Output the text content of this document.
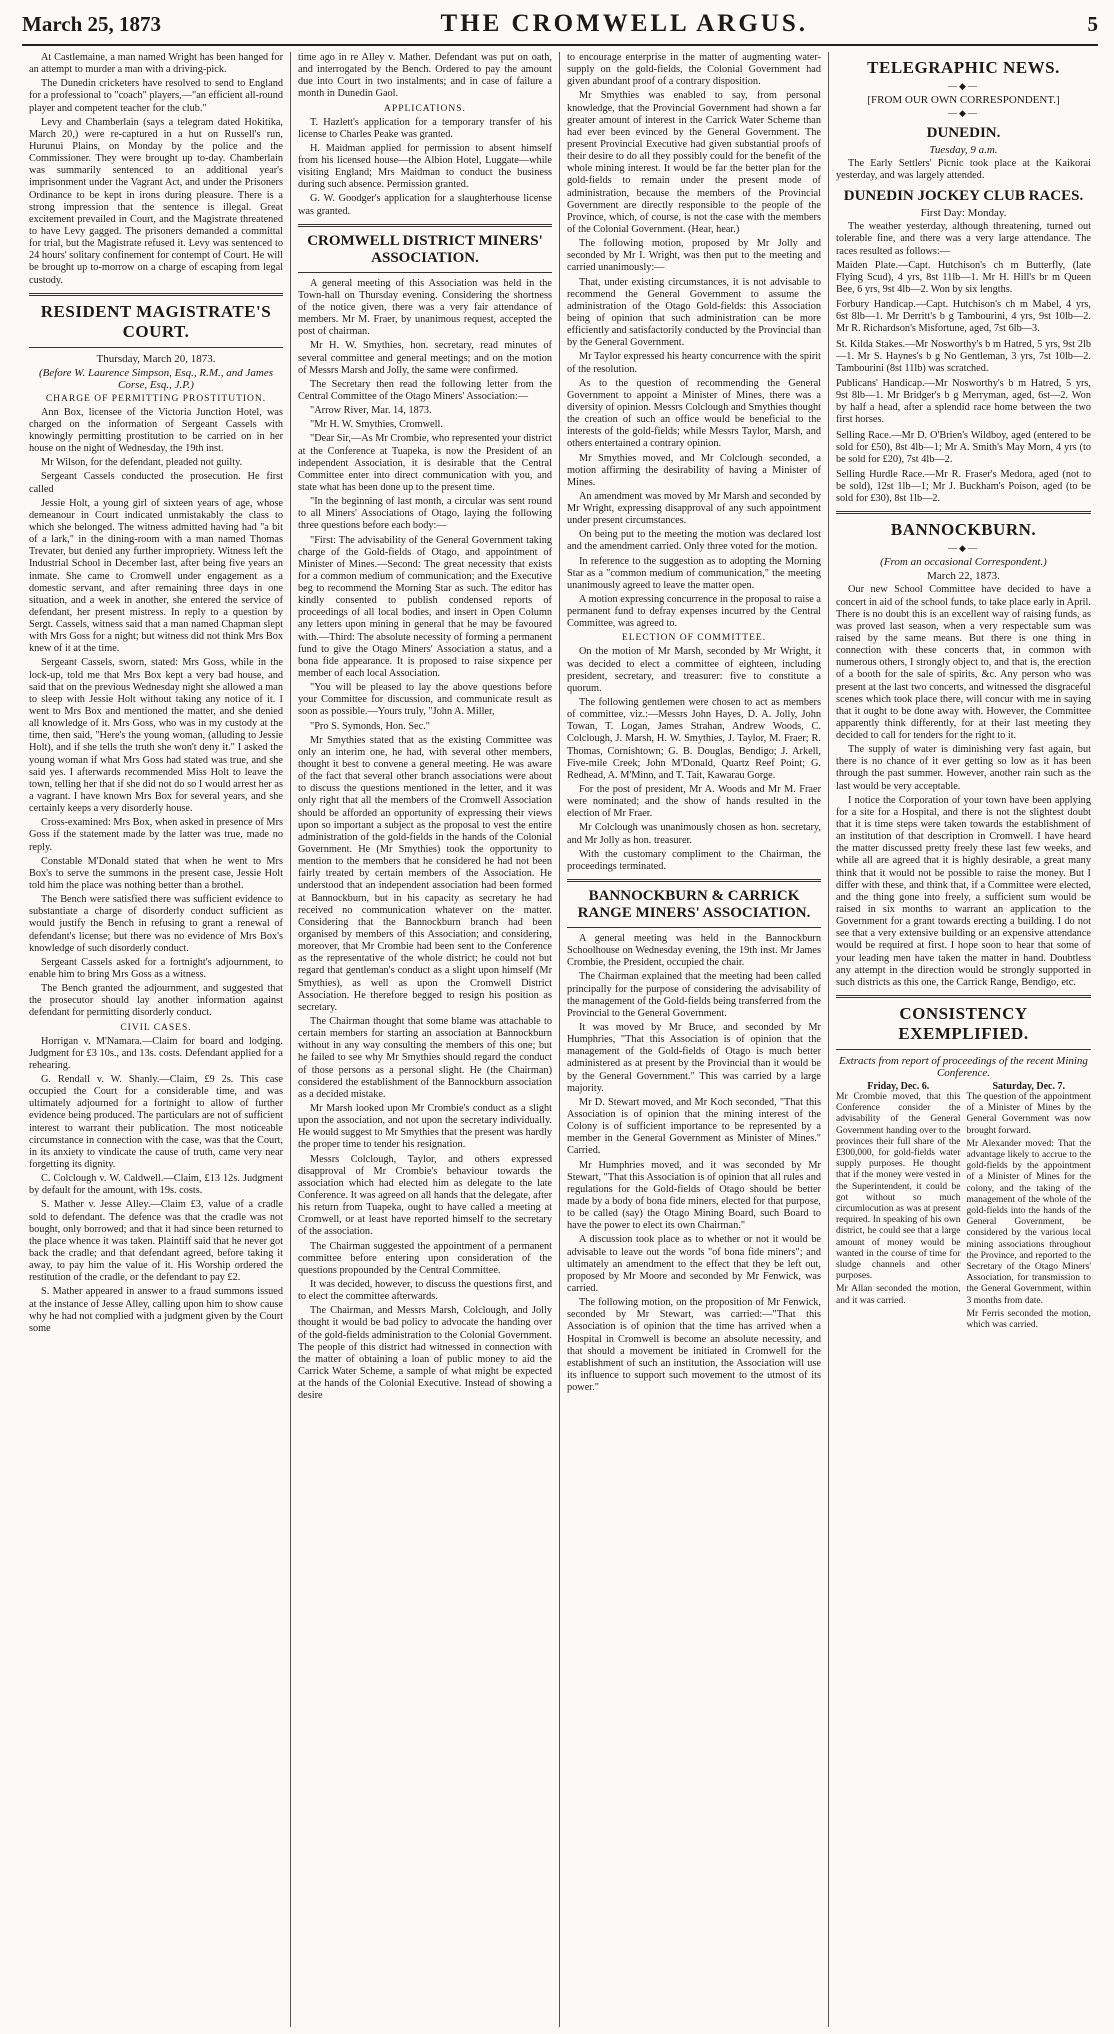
March 25, 1873	THE CROMWELL ARGUS.	5

At Castlemaine, a man named Wright has been hanged for an attempt to murder a man with a driving-pick.

The Dunedin cricketers have resolved to send to England for a professional to "coach" players,—"an efficient all-round player and competent teacher for the club."

Levy and Chamberlain (says a telegram dated Hokitika, March 20,) were re-captured in a hut on Russell's run, Hurunui Plains, on Monday by the police and the Commissioner. They were brought up to-day. Chamberlain was summarily sentenced to an additional year's imprisonment under the Vagrant Act, and under the Prisoners Ordinance to be kept in irons during pleasure. There is a strong impression that the sentence is illegal. Great excitement prevailed in Court, and the Magistrate threatened to have Levy gagged. The prisoners demanded a committal for trial, but the Magistrate refused it. Levy was sentenced to 24 hours' solitary confinement for contempt of Court. He will be brought up to-morrow on a charge of escaping from legal custody.

RESIDENT MAGISTRATE'S COURT.
Thursday, March 20, 1873.
(Before W. Laurence Simpson, Esq., R.M., and James Corse, Esq., J.P.)
CHARGE OF PERMITTING PROSTITUTION.

Ann Box, licensee of the Victoria Junction Hotel, was charged on the information of Sergeant Cassels with knowingly permitting prostitution to be carried on in her house on the night of Wednesday, the 19th inst.

Mr Wilson, for the defendant, pleaded not guilty.

Sergeant Cassels conducted the prosecution. He first called

Jessie Holt, a young girl of sixteen years of age, whose demeanour in Court indicated unmistakably the class to which she belonged. The witness admitted having had "a bit of a lark," in the dining-room with a man named Thomas Trevater, but denied any further impropriety. Witness left the Industrial School in December last, after being five years an inmate. She came to Cromwell under engagement as a domestic servant, and after remaining three days in one situation, and a week in another, she entered the service of defendant, her present mistress. In reply to a question by Sergt. Cassels, witness said that a man named Chapman slept with Mrs Goss for a night; but witness did not think Mrs Box knew of it at the time.

Sergeant Cassels, sworn, stated: Mrs Goss, while in the lock-up, told me that Mrs Box kept a very bad house, and said that on the previous Wednesday night she allowed a man to sleep with Jessie Holt without taking any notice of it. I went to Mrs Box and mentioned the matter, and she denied all knowledge of it. Mrs Goss, who was in my custody at the time, then said, "Here's the young woman, (alluding to Jessie Holt), and if she tells the truth she won't deny it." I asked the young woman if what Mrs Goss had stated was true, and she said yes. I afterwards recommended Miss Holt to leave the town, telling her that if she did not do so I would arrest her as a vagrant. I have known Mrs Box for several years, and she certainly keeps a very disorderly house.

Cross-examined: Mrs Box, when asked in presence of Mrs Goss if the statement made by the latter was true, made no reply.

Constable M'Donald stated that when he went to Mrs Box's to serve the summons in the present case, Jessie Holt told him the place was nothing better than a brothel.

The Bench were satisfied there was sufficient evidence to substantiate a charge of disorderly conduct sufficient as would justify the Bench in refusing to grant a renewal of defendant's license; but there was no evidence of Mrs Box's knowledge of such disorderly conduct.

Sergeant Cassels asked for a fortnight's adjournment, to enable him to bring Mrs Goss as a witness.

The Bench granted the adjournment, and suggested that the prosecutor should lay another information against defendant for permitting disorderly conduct.

CIVIL CASES.

Horrigan v. M'Namara.—Claim for board and lodging. Judgment for £3 10s., and 13s. costs. Defendant applied for a rehearing.

G. Rendall v. W. Shanly.—Claim, £9 2s. This case occupied the Court for a considerable time, and was ultimately adjourned for a fortnight to allow of further evidence being produced. The particulars are not of sufficient interest to warrant their publication. The most noticeable circumstance in connection with the case, was that the Court, in its anxiety to vindicate the cause of truth, came very near forgetting its dignity.

C. Colclough v. W. Caldwell.—Claim, £13 12s. Judgment by default for the amount, with 19s. costs.

S. Mather v. Jesse Alley.—Claim £3, value of a cradle sold to defendant. The defence was that the cradle was not bought, only borrowed; and that it had since been returned to the place whence it was taken. Plaintiff said that he never got back the cradle; and that defendant agreed, before taking it away, to pay him the value of it. His Worship ordered the restitution of the cradle, or the defendant to pay £2.

S. Mather appeared in answer to a fraud summons issued at the instance of Jesse Alley, calling upon him to show cause why he had not complied with a judgment given by the Court some

time ago in re Alley v. Mather. Defendant was put on oath, and interrogated by the Bench. Ordered to pay the amount due into Court in two instalments; and in case of failure a month in Dunedin Gaol.

APPLICATIONS.

T. Hazlett's application for a temporary transfer of his license to Charles Peake was granted.

H. Maidman applied for permission to absent himself from his licensed house—the Albion Hotel, Luggate—while visiting England; Mrs Maidman to conduct the business during such absence. Permission granted.

G. W. Goodger's application for a slaughterhouse license was granted.

CROMWELL DISTRICT MINERS' ASSOCIATION.

A general meeting of this Association was held in the Town-hall on Thursday evening. Considering the shortness of the notice given, there was a very fair attendance of members. Mr M. Fraer, by unanimous request, accepted the post of chairman.

Mr H. W. Smythies, hon. secretary, read minutes of several committee and general meetings; and on the motion of Messrs Marsh and Jolly, the same were confirmed.

The Secretary then read the following letter from the Central Committee of the Otago Miners' Association:—

"Arrow River, Mar. 14, 1873.

"Mr H. W. Smythies, Cromwell.

"Dear Sir,—As Mr Crombie, who represented your district at the Conference at Tuapeka, is now the President of an independent Association, it is desirable that the Central Committee enter into direct communication with you, and state what has been done up to the present time.

"In the beginning of last month, a circular was sent round to all Miners' Associations of Otago, laying the following three questions before each body:—

"First: The advisability of the General Government taking charge of the Gold-fields of Otago, and appointment of Minister of Mines.—Second: The great necessity that exists for a common medium of communication; and the Executive beg to recommend the Morning Star as such. The editor has kindly consented to publish condensed reports of proceedings of all local bodies, and insert in Open Column any letters upon mining in general that he may be favoured with.—Third: The absolute necessity of forming a permanent fund to give the Otago Miners' Association a status, and a bona fide appearance. It is proposed to raise sixpence per member of each local Association.

"You will be pleased to lay the above questions before your Committee for discussion, and communicate result as soon as possible.—Yours truly, "John A. Miller,

"Pro S. Symonds, Hon. Sec."

Mr Smythies stated that as the existing Committee was only an interim one, he had, with several other members, thought it best to convene a general meeting. He was aware of the fact that several other branch associations were about to discuss the questions mentioned in the letter, and it was only right that all the members of the Cromwell Association should be afforded an opportunity of expressing their views upon so important a subject as the proposal to vest the entire administration of the gold-fields in the hands of the Colonial Government. He (Mr Smythies) took the opportunity to mention to the members that he considered he had not been fairly treated by certain members of the Association. He understood that an independent association had been formed at Bannockburn, but in his capacity as secretary he had received no communication whatever on the matter. Considering that the Bannockburn branch had been organised by members of this Association; and considering, moreover, that Mr Crombie had been sent to the Conference as the representative of the whole district; he could not but regard that gentleman's conduct as a slight upon himself (Mr Smythies), as well as upon the Cromwell District Association. He therefore begged to resign his position as secretary.

The Chairman thought that some blame was attachable to certain members for starting an association at Bannockburn without in any way consulting the members of this one; but he failed to see why Mr Smythies should regard the conduct of those persons as a personal slight. He (the Chairman) considered the establishment of the Bannockburn association as a decided mistake.

Mr Marsh looked upon Mr Crombie's conduct as a slight upon the association, and not upon the secretary individually. He would suggest to Mr Smythies that the present was hardly the proper time to tender his resignation.

Messrs Colclough, Taylor, and others expressed disapproval of Mr Crombie's behaviour towards the association which had elected him as delegate to the late Conference. It was agreed on all hands that the delegate, after his return from Tuapeka, ought to have called a meeting at Cromwell, or at least have reported himself to the secretary of the association.

The Chairman suggested the appointment of a permanent committee before entering upon consideration of the questions propounded by the Central Committee.

It was decided, however, to discuss the questions first, and to elect the committee afterwards.

The Chairman, and Messrs Marsh, Colclough, and Jolly thought it would be bad policy to advocate the handing over of the gold-fields administration to the Colonial Government. The people of this district had witnessed in connection with the matter of obtaining a loan of public money to aid the Carrick Water Scheme, a sample of what might be expected at the hands of the Colonial Executive. Instead of showing a desire

to encourage enterprise in the matter of augmenting water-supply on the gold-fields, the Colonial Government had given abundant proof of a contrary disposition.

Mr Smythies was enabled to say, from personal knowledge, that the Provincial Government had shown a far greater amount of interest in the Carrick Water Scheme than had ever been evinced by the General Government. The present Provincial Executive had given substantial proofs of their desire to do all they possibly could for the benefit of the whole mining interest. It would be far the better plan for the gold-fields to remain under the present mode of administration, because the members of the Provincial Government are directly responsible to the people of the Province, which, of course, is not the case with the members of the Colonial Government. (Hear, hear.)

The following motion, proposed by Mr Jolly and seconded by Mr I. Wright, was then put to the meeting and carried unanimously:—

That, under existing circumstances, it is not advisable to recommend the General Government to assume the administration of the Otago Gold-fields: this Association being of opinion that such administration can be more efficiently and satisfactorily conducted by the Provincial than by the General Government.

Mr Taylor expressed his hearty concurrence with the spirit of the resolution.

As to the question of recommending the General Government to appoint a Minister of Mines, there was a diversity of opinion. Messrs Colclough and Smythies thought the creation of such an office would be beneficial to the interests of the gold-fields; while Messrs Taylor, Marsh, and others entertained a contrary opinion.

Mr Smythies moved, and Mr Colclough seconded, a motion affirming the desirability of having a Minister of Mines.

An amendment was moved by Mr Marsh and seconded by Mr Wright, expressing disapproval of any such appointment under present circumstances.

On being put to the meeting the motion was declared lost and the amendment carried. Only three voted for the motion.

In reference to the suggestion as to adopting the Morning Star as a "common medium of communication," the meeting unanimously agreed to leave the matter open.

A motion expressing concurrence in the proposal to raise a permanent fund to defray expenses incurred by the Central Committee, was agreed to.

ELECTION OF COMMITTEE.

On the motion of Mr Marsh, seconded by Mr Wright, it was decided to elect a committee of eighteen, including president, secretary, and treasurer: five to constitute a quorum.

The following gentlemen were chosen to act as members of committee, viz.:—Messrs John Hayes, D. A. Jolly, John Towan, T. Logan, James Strahan, Andrew Woods, C. Colclough, J. Marsh, H. W. Smythies, J. Taylor, M. Fraer; R. Thomas, Cornishtown; G. B. Douglas, Bendigo; J. Arkell, Five-mile Creek; John M'Donald, Quartz Reef Point; G. Redhead, A. M'Minn, and T. Tait, Kawarau Gorge.

For the post of president, Mr A. Woods and Mr M. Fraer were nominated; and the show of hands resulted in the election of Mr Fraer.

Mr Colclough was unanimously chosen as hon. secretary, and Mr Jolly as hon. treasurer.

With the customary compliment to the Chairman, the proceedings terminated.

BANNOCKBURN & CARRICK RANGE MINERS' ASSOCIATION.

A general meeting was held in the Bannockburn Schoolhouse on Wednesday evening, the 19th inst. Mr James Crombie, the President, occupied the chair.

The Chairman explained that the meeting had been called principally for the purpose of considering the advisability of the management of the Gold-fields being transferred from the Provincial to the General Government.

It was moved by Mr Bruce, and seconded by Mr Humphries, "That this Association is of opinion that the management of the Gold-fields of Otago is much better administered as at present by the Provincial than it would be by the General Government." This was carried by a large majority.

Mr D. Stewart moved, and Mr Koch seconded, "That this Association is of opinion that the mining interest of the Colony is of sufficient importance to be represented by a member in the General Government as Minister of Mines." Carried.

Mr Humphries moved, and it was seconded by Mr Stewart, "That this Association is of opinion that all rules and regulations for the Gold-fields of Otago should be better made by a body of bona fide miners, elected for that purpose, to be called (say) the Otago Mining Board, such Board to have the power to elect its own Chairman."

A discussion took place as to whether or not it would be advisable to leave out the words "of bona fide miners"; and ultimately an amendment to the effect that they be left out, proposed by Mr Moore and seconded by Mr Fenwick, was carried.

The following motion, on the proposition of Mr Fenwick, seconded by Mr Stewart, was carried:—"That this Association is of opinion that the time has arrived when a Hospital in Cromwell is become an absolute necessity, and that should a movement be initiated in Cromwell for the establishment of such an institution, the Association will use its influence to support such movement to the utmost of its power."

TELEGRAPHIC NEWS.
—◆—
[FROM OUR OWN CORRESPONDENT.]
—◆—
DUNEDIN.
Tuesday, 9 a.m.

The Early Settlers' Picnic took place at the Kaikorai yesterday, and was largely attended.

DUNEDIN JOCKEY CLUB RACES.
First Day: Monday.

The weather yesterday, although threatening, turned out tolerable fine, and there was a very large attendance. The races resulted as follows:—

Maiden Plate.—Capt. Hutchison's ch m Butterfly, (late Flying Scud), 4 yrs, 8st 11lb—1. Mr H. Hill's br m Queen Bee, 6 yrs, 9st 4lb—2. Won by six lengths.

Forbury Handicap.—Capt. Hutchison's ch m Mabel, 4 yrs, 6st 8lb—1. Mr Derritt's b g Tambourini, 4 yrs, 9st 10lb—2. Mr R. Richardson's Misfortune, aged, 7st 6lb—3.

St. Kilda Stakes.—Mr Nosworthy's b m Hatred, 5 yrs, 9st 2lb—1. Mr S. Haynes's b g No Gentleman, 3 yrs, 7st 10lb—2. Tambourini (8st 11lb) was scratched.

Publicans' Handicap.—Mr Nosworthy's b m Hatred, 5 yrs, 9st 8lb—1. Mr Bridger's b g Merryman, aged, 6st—2. Won by half a head, after a splendid race home between the two first horses.

Selling Race.—Mr D. O'Brien's Wildboy, aged (entered to be sold for £50), 8st 4lb—1; Mr A. Smith's May Morn, 4 yrs (to be sold for £20), 7st 4lb—2.

Selling Hurdle Race.—Mr R. Fraser's Medora, aged (not to be sold), 12st 1lb—1; Mr J. Buckham's Poison, aged (to be sold for £30), 8st 1lb—2.

BANNOCKBURN.
—◆—
(From an occasional Correspondent.)
March 22, 1873.

Our new School Committee have decided to have a concert in aid of the school funds, to take place early in April. There is no doubt this is an excellent way of raising funds, as was proved last season, when a very respectable sum was raised by the same means. But there is one thing in connection with these concerts that, in common with numerous others, I strongly object to, and that is, the erection of a booth for the sale of spirits, &c. Any person who was present at the last two concerts, and witnessed the disgraceful scenes which took place there, will concur with me in saying that it ought to be done away with. However, the Committee apparently think differently, for at their last meeting they decided to call for tenders for the right to it.

The supply of water is diminishing very fast again, but there is no chance of it ever getting so low as it has been through the past summer. However, another rain such as the last would be very acceptable.

I notice the Corporation of your town have been applying for a site for a Hospital, and there is not the slightest doubt that it is time steps were taken towards the establishment of an institution of that description in Cromwell. I have heard the matter discussed pretty freely these last few weeks, and while all are agreed that it is highly desirable, a great many think that it would not be possible to raise the money. But I differ with these, and think that, if a Committee were elected, and the thing gone into freely, a sufficient sum would be raised in six months to warrant an application to the Government for a grant towards erecting a building. I do not see that a very extensive building or an expensive attendance would be required at first. I hope soon to hear that some of your leading men have taken the matter in hand. Doubtless any attempt in the direction would be strongly supported in such districts as this one, the Carrick Range, Bendigo, etc.

CONSISTENCY EXEMPLIFIED.
Extracts from report of proceedings of the recent Mining Conference.
Friday, Dec. 6.

Mr Crombie moved, that this Conference consider the advisability of the General Government handing over to the provinces their full share of the £300,000, for gold-fields water supply purposes. He thought that if the money were vested in the Superintendent, it could be got without so much circumlocution as was at present required. In speaking of his own district, he could see that a large amount of money would be wanted in the course of time for sludge channels and other purposes.

Mr Allan seconded the motion, and it was carried.

Saturday, Dec. 7.

The question of the appointment of a Minister of Mines by the General Government was now brought forward.

Mr Alexander moved: That the advantage likely to accrue to the gold-fields by the appointment of a Minister of Mines for the colony, and the taking of the management of the whole of the gold-fields into the hands of the General Government, be considered by the various local mining associations throughout the Province, and reported to the Secretary of the Otago Miners' Association, for transmission to the General Government, within 3 months from date.

Mr Ferris seconded the motion, which was carried.
